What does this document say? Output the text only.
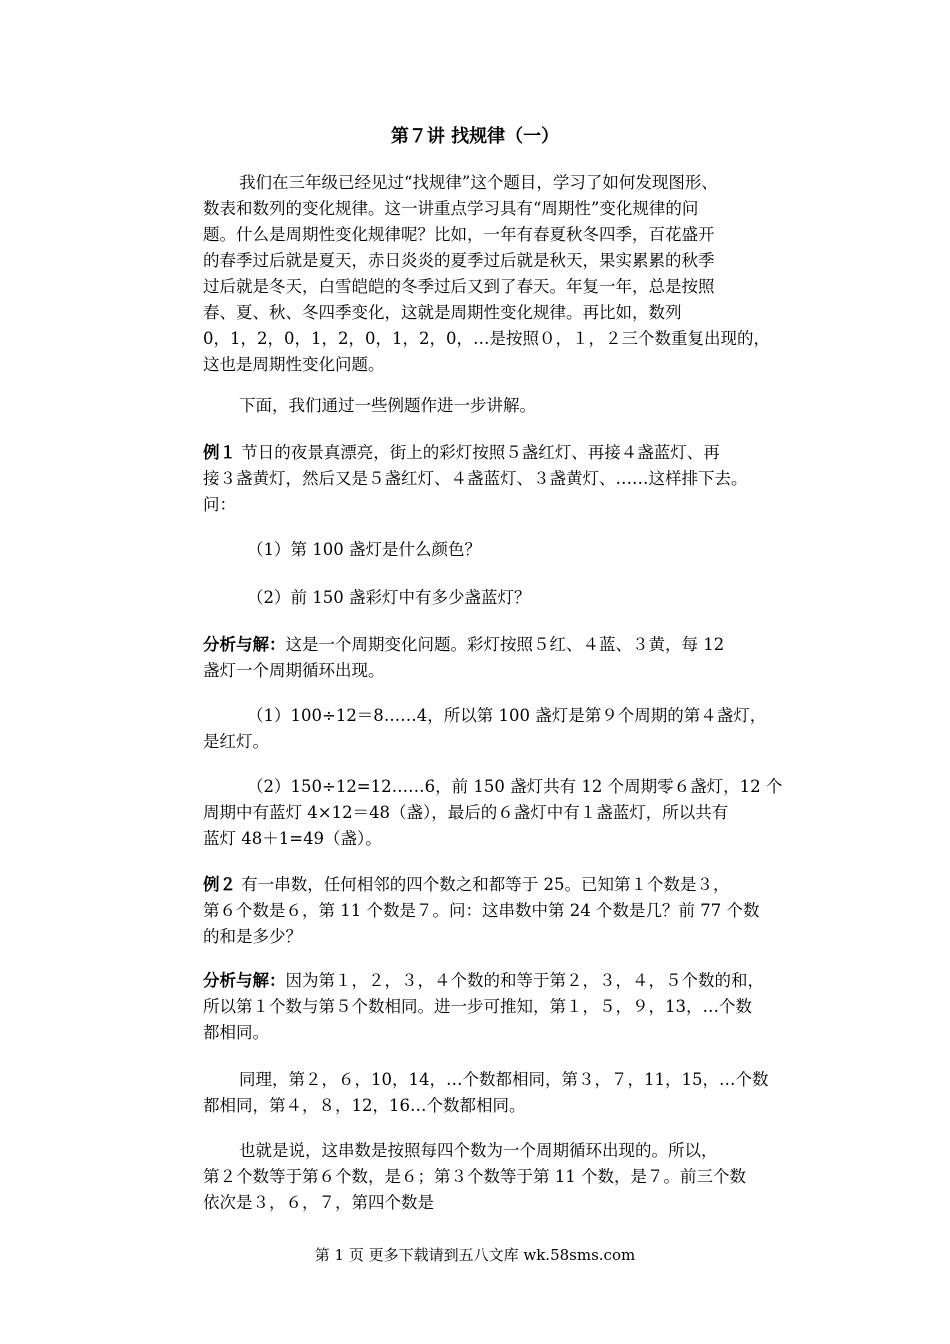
第７讲 找规律（一）
我们在三年级已经见过“找规律”这个题目，学习了如何发现图形、
数表和数列的变化规律。这一讲重点学习具有“周期性”变化规律的问
题。什么是周期性变化规律呢？比如，一年有春夏秋冬四季，百花盛开
的春季过后就是夏天，赤日炎炎的夏季过后就是秋天，果实累累的秋季
过后就是冬天，白雪皑皑的冬季过后又到了春天。年复一年，总是按照
春、夏、秋、冬四季变化，这就是周期性变化规律。再比如，数列
0，1，2，0，1，2，0，1，2，0，…是按照０，１，２三个数重复出现的，
这也是周期性变化问题。
下面，我们通过一些例题作进一步讲解。
例１ 节日的夜景真漂亮，街上的彩灯按照５盏红灯、再接４盏蓝灯、再
接３盏黄灯，然后又是５盏红灯、４盏蓝灯、３盏黄灯、……这样排下去。
问：
（1）第 100 盏灯是什么颜色？
（2）前 150 盏彩灯中有多少盏蓝灯？
分析与解：这是一个周期变化问题。彩灯按照５红、４蓝、３黄，每 12
盏灯一个周期循环出现。
（1）100÷12＝8……4，所以第 100 盏灯是第９个周期的第４盏灯，
是红灯。
（2）150÷12=12……6，前 150 盏灯共有 12 个周期零６盏灯，12 个
周期中有蓝灯 4×12＝48（盏），最后的６盏灯中有１盏蓝灯，所以共有
蓝灯 48＋1=49（盏）。
例２ 有一串数，任何相邻的四个数之和都等于 25。已知第１个数是３，
第６个数是６，第 11 个数是７。问：这串数中第 24 个数是几？前 77 个数
的和是多少？
分析与解：因为第１，２，３，４个数的和等于第２，３，４，５个数的和，
所以第１个数与第５个数相同。进一步可推知，第１，５，９，13，…个数
都相同。
同理，第２，６，10，14，…个数都相同，第３，７，11，15，…个数
都相同，第４，８，12，16…个数都相同。
也就是说，这串数是按照每四个数为一个周期循环出现的。所以，
第２个数等于第６个数，是６；第３个数等于第 11 个数，是７。前三个数
依次是３，６，７，第四个数是
第 1 页 更多下载请到五八文库 wk.58sms.com
